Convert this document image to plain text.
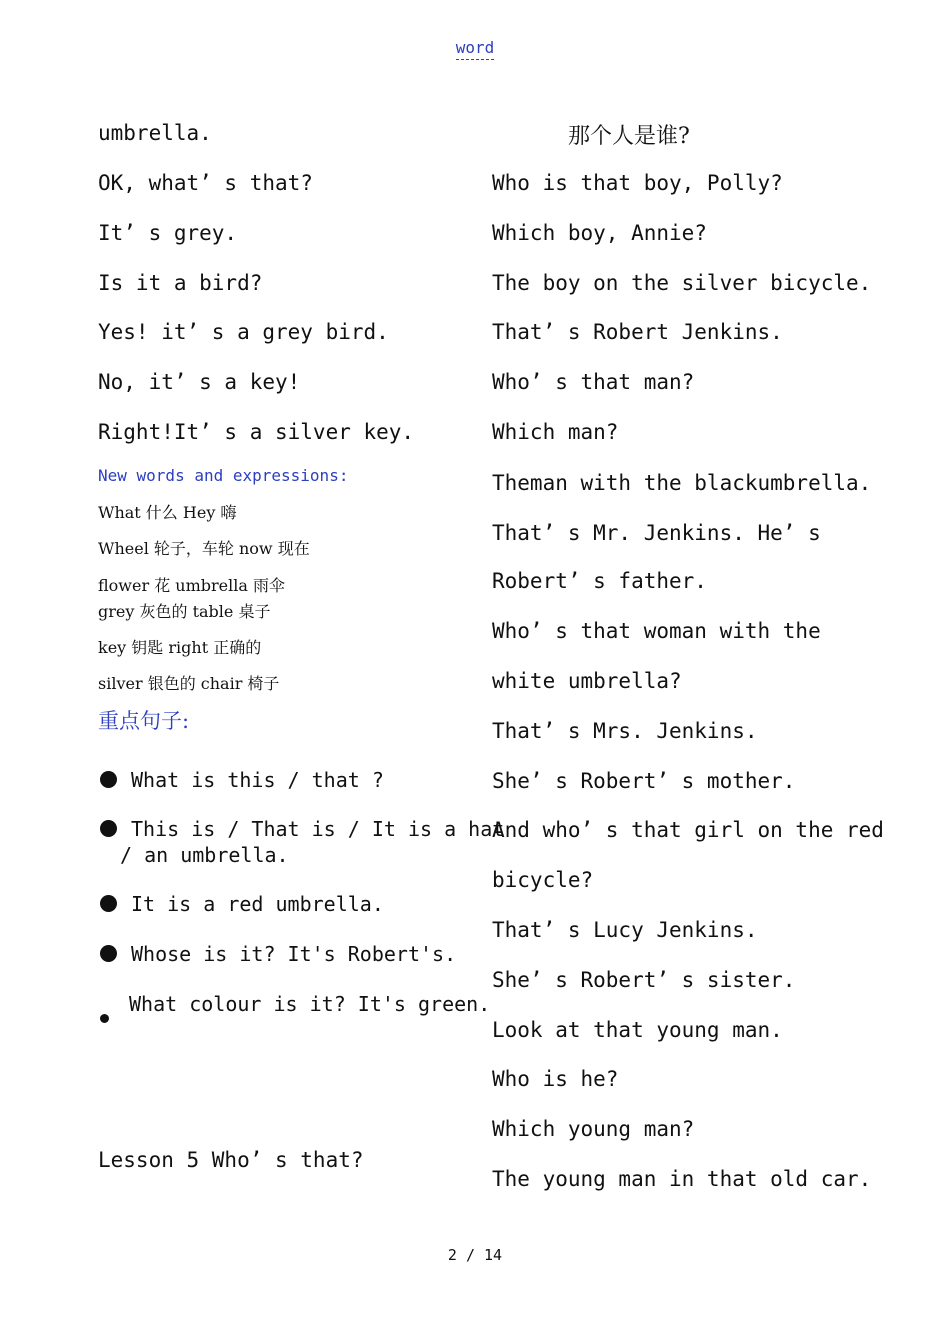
word
umbrella.
OK, what’ s that?
It’ s grey.
Is it a bird?
Yes! it’ s a grey bird.
No, it’ s a key!
Right!It’ s a silver key.
New words and expressions:
What 什么 Hey 嗨
Wheel 轮子，车轮 now 现在
flower 花 umbrella 雨伞
grey 灰色的 table 桌子
key 钥匙 right 正确的
silver 银色的 chair 椅子
重点句子:
What is this / that ?
This is / That is / It is a hat
/ an umbrella.
It is a red umbrella.
Whose is it? It's Robert's.
What colour is it? It's green.
Lesson 5 Who’ s that?
那个人是谁?
Who is that boy, Polly?
Which boy, Annie?
The boy on the silver bicycle.
That’ s Robert Jenkins.
Who’ s that man?
Which man?
Theman with the blackumbrella.
That’ s Mr. Jenkins. He’ s
Robert’ s father.
Who’ s that woman with the
white umbrella?
That’ s Mrs. Jenkins.
She’ s Robert’ s mother.
And who’ s that girl on the red
bicycle?
That’ s Lucy Jenkins.
She’ s Robert’ s sister.
Look at that young man.
Who is he?
Which young man?
The young man in that old car.
2 / 14
